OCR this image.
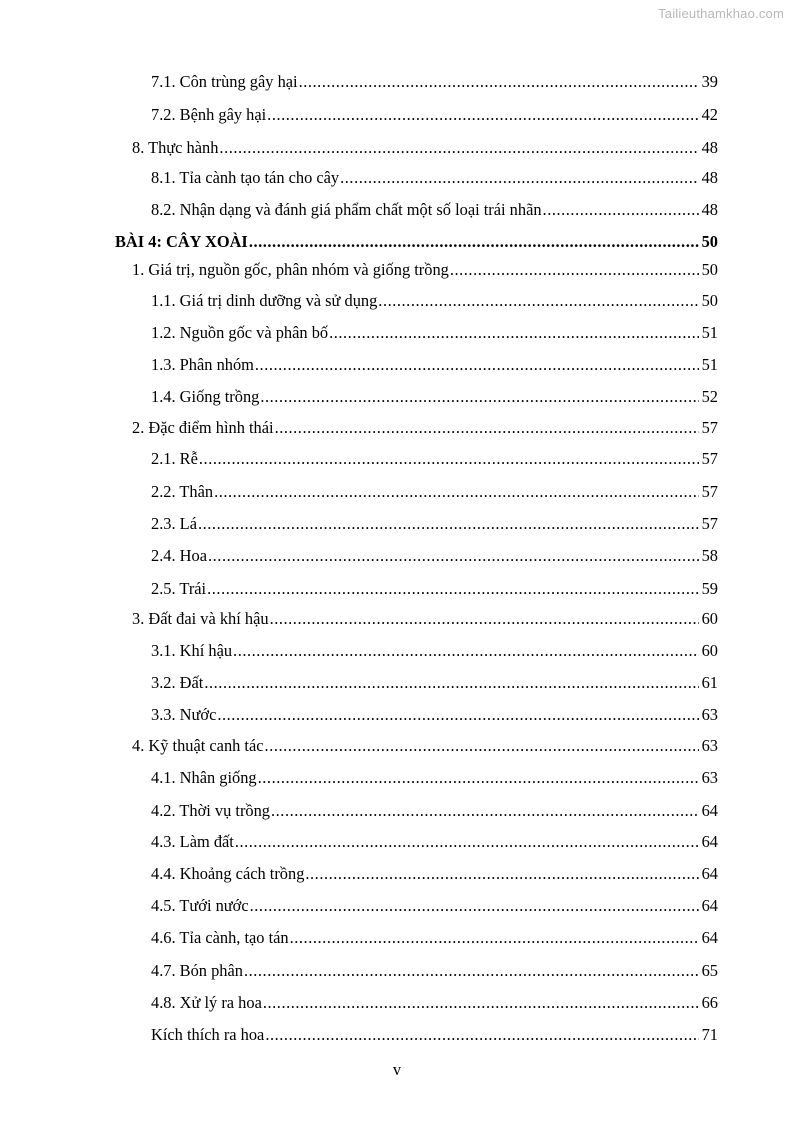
Tailieuthamkhao.com
7.1. Côn trùng gây hại .....	39
7.2. Bệnh gây hại .....	42
8. Thực hành .....	48
8.1. Tỉa cành tạo tán cho cây .....	48
8.2. Nhận dạng và đánh giá phẩm chất một số loại trái nhãn .....	48
BÀI 4: CÂY XOÀI .....	50
1. Giá trị, nguồn gốc, phân nhóm và giống trồng .....	50
1.1. Giá trị dinh dưỡng và sử dụng .....	50
1.2. Nguồn gốc và phân bố .....	51
1.3. Phân nhóm .....	51
1.4. Giống trồng .....	52
2. Đặc điểm hình thái .....	57
2.1. Rễ .....	57
2.2. Thân .....	57
2.3. Lá .....	57
2.4. Hoa .....	58
2.5. Trái .....	59
3. Đất đai và khí hậu .....	60
3.1. Khí hậu .....	60
3.2. Đất .....	61
3.3. Nước .....	63
4. Kỹ thuật canh tác .....	63
4.1. Nhân giống .....	63
4.2. Thời vụ trồng .....	64
4.3. Làm đất .....	64
4.4. Khoảng cách trồng .....	64
4.5. Tưới nước .....	64
4.6. Tỉa cành, tạo tán .....	64
4.7. Bón phân .....	65
4.8. Xử lý ra hoa .....	66
Kích thích ra hoa .....	71
v
